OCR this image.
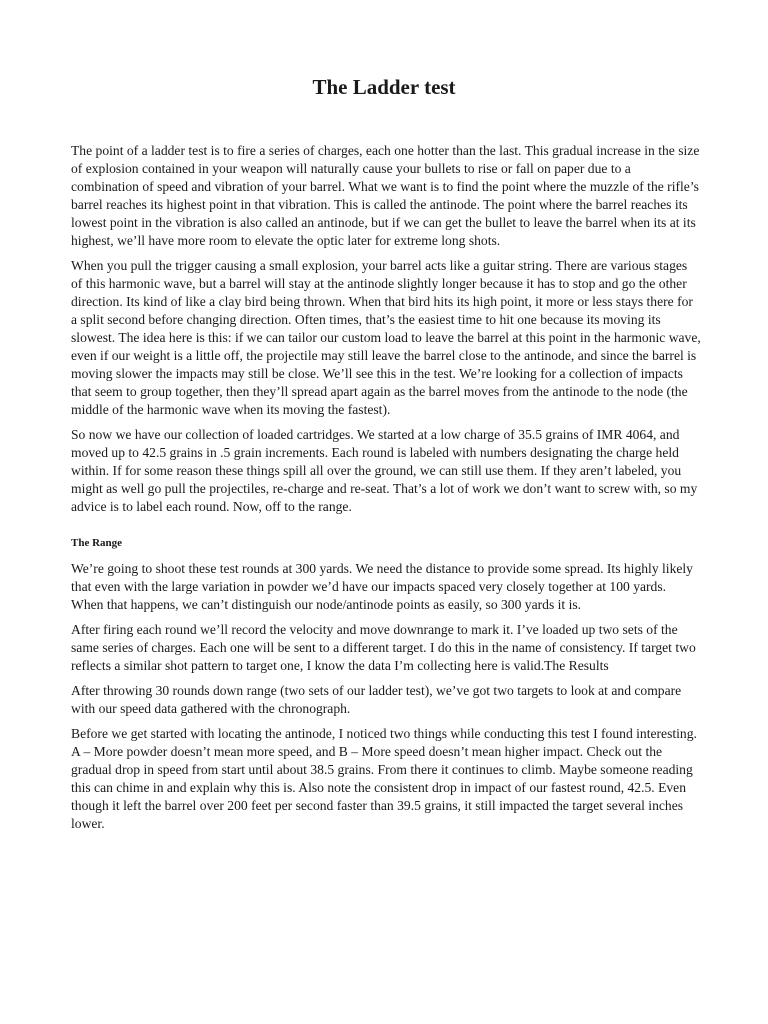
The Ladder test

The point of a ladder test is to fire a series of charges, each one hotter than the last. This gradual increase in the size of explosion contained in your weapon will naturally cause your bullets to rise or fall on paper due to a combination of speed and vibration of your barrel. What we want is to find the point where the muzzle of the rifle’s barrel reaches its highest point in that vibration. This is called the antinode. The point where the barrel reaches its lowest point in the vibration is also called an antinode, but if we can get the bullet to leave the barrel when its at its highest, we’ll have more room to elevate the optic later for extreme long shots.

When you pull the trigger causing a small explosion, your barrel acts like a guitar string. There are various stages of this harmonic wave, but a barrel will stay at the antinode slightly longer because it has to stop and go the other direction. Its kind of like a clay bird being thrown. When that bird hits its high point, it more or less stays there for a split second before changing direction. Often times, that’s the easiest time to hit one because its moving its slowest. The idea here is this: if we can tailor our custom load to leave the barrel at this point in the harmonic wave, even if our weight is a little off, the projectile may still leave the barrel close to the antinode, and since the barrel is moving slower the impacts may still be close. We’ll see this in the test. We’re looking for a collection of impacts that seem to group together, then they’ll spread apart again as the barrel moves from the antinode to the node (the middle of the harmonic wave when its moving the fastest).

So now we have our collection of loaded cartridges. We started at a low charge of 35.5 grains of IMR 4064, and moved up to 42.5 grains in .5 grain increments. Each round is labeled with numbers designating the charge held within. If for some reason these things spill all over the ground, we can still use them. If they aren’t labeled, you might as well go pull the projectiles, re-charge and re-seat. That’s a lot of work we don’t want to screw with, so my advice is to label each round. Now, off to the range.

The Range

We’re going to shoot these test rounds at 300 yards. We need the distance to provide some spread. Its highly likely that even with the large variation in powder we’d have our impacts spaced very closely together at 100 yards. When that happens, we can’t distinguish our node/antinode points as easily, so 300 yards it is.

After firing each round we’ll record the velocity and move downrange to mark it. I’ve loaded up two sets of the same series of charges. Each one will be sent to a different target. I do this in the name of consistency. If target two reflects a similar shot pattern to target one, I know the data I’m collecting here is valid.The Results

After throwing 30 rounds down range (two sets of our ladder test), we’ve got two targets to look at and compare with our speed data gathered with the chronograph.

Before we get started with locating the antinode, I noticed two things while conducting this test I found interesting. A – More powder doesn’t mean more speed, and B – More speed doesn’t mean higher impact. Check out the gradual drop in speed from start until about 38.5 grains. From there it continues to climb. Maybe someone reading this can chime in and explain why this is. Also note the consistent drop in impact of our fastest round, 42.5. Even though it left the barrel over 200 feet per second faster than 39.5 grains, it still impacted the target several inches lower.
